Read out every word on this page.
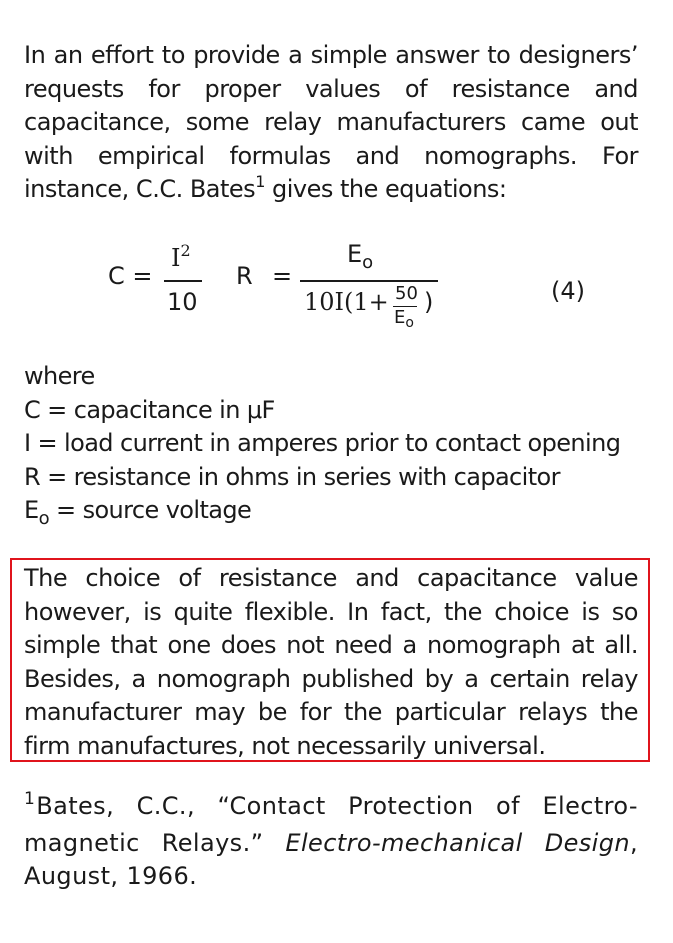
In an effort to provide a simple answer to designers’ requests for proper values of resistance and capacitance, some relay manufacturers came out with empirical formulas and nomographs. For instance, C.C. Bates$^1$ gives the equations:

C =
$I^2$
10
R =
$E_o$
10I(1+ 50
$E_o$
)	(4)
where
C = capacitance in μF
I = load current in amperes prior to contact opening
R = resistance in ohms in series with capacitor
$E_o$ = source voltage

The choice of resistance and capacitance value however, is quite flexible. In fact, the choice is so simple that one does not need a nomograph at all. Besides, a nomograph published by a certain relay manufacturer may be for the particular relays the firm manufactures, not necessarily universal.

$^1$Bates, C.C., “Contact Protection of Electro-magnetic Relays.” Electro-mechanical Design, August, 1966.
